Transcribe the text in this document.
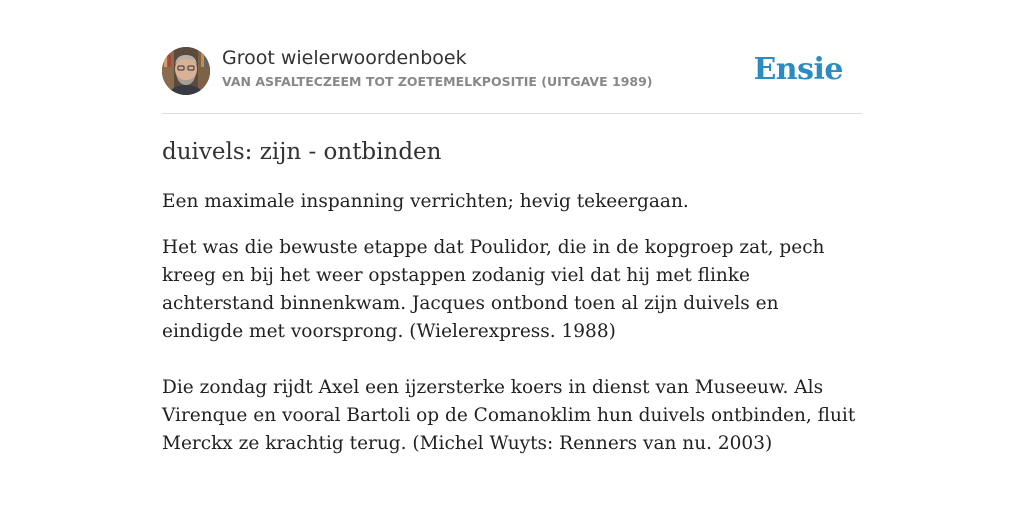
Groot wielerwoordenboek
VAN ASFALTECZEEM TOT ZOETEMELKPOSITIE (UITGAVE 1989)	Ensie
duivels: zijn - ontbinden

Een maximale inspanning verrichten; hevig tekeergaan.

Het was die bewuste etappe dat Poulidor, die in de kopgroep zat, pech kreeg en bij het weer opstappen zodanig viel dat hij met flinke achterstand binnenkwam. Jacques ontbond toen al zijn duivels en eindigde met voorsprong. (Wielerexpress. 1988)

Die zondag rijdt Axel een ijzersterke koers in dienst van Museeuw. Als Virenque en vooral Bartoli op de Comanoklim hun duivels ontbinden, fluit Merckx ze krachtig terug. (Michel Wuyts: Renners van nu. 2003)
